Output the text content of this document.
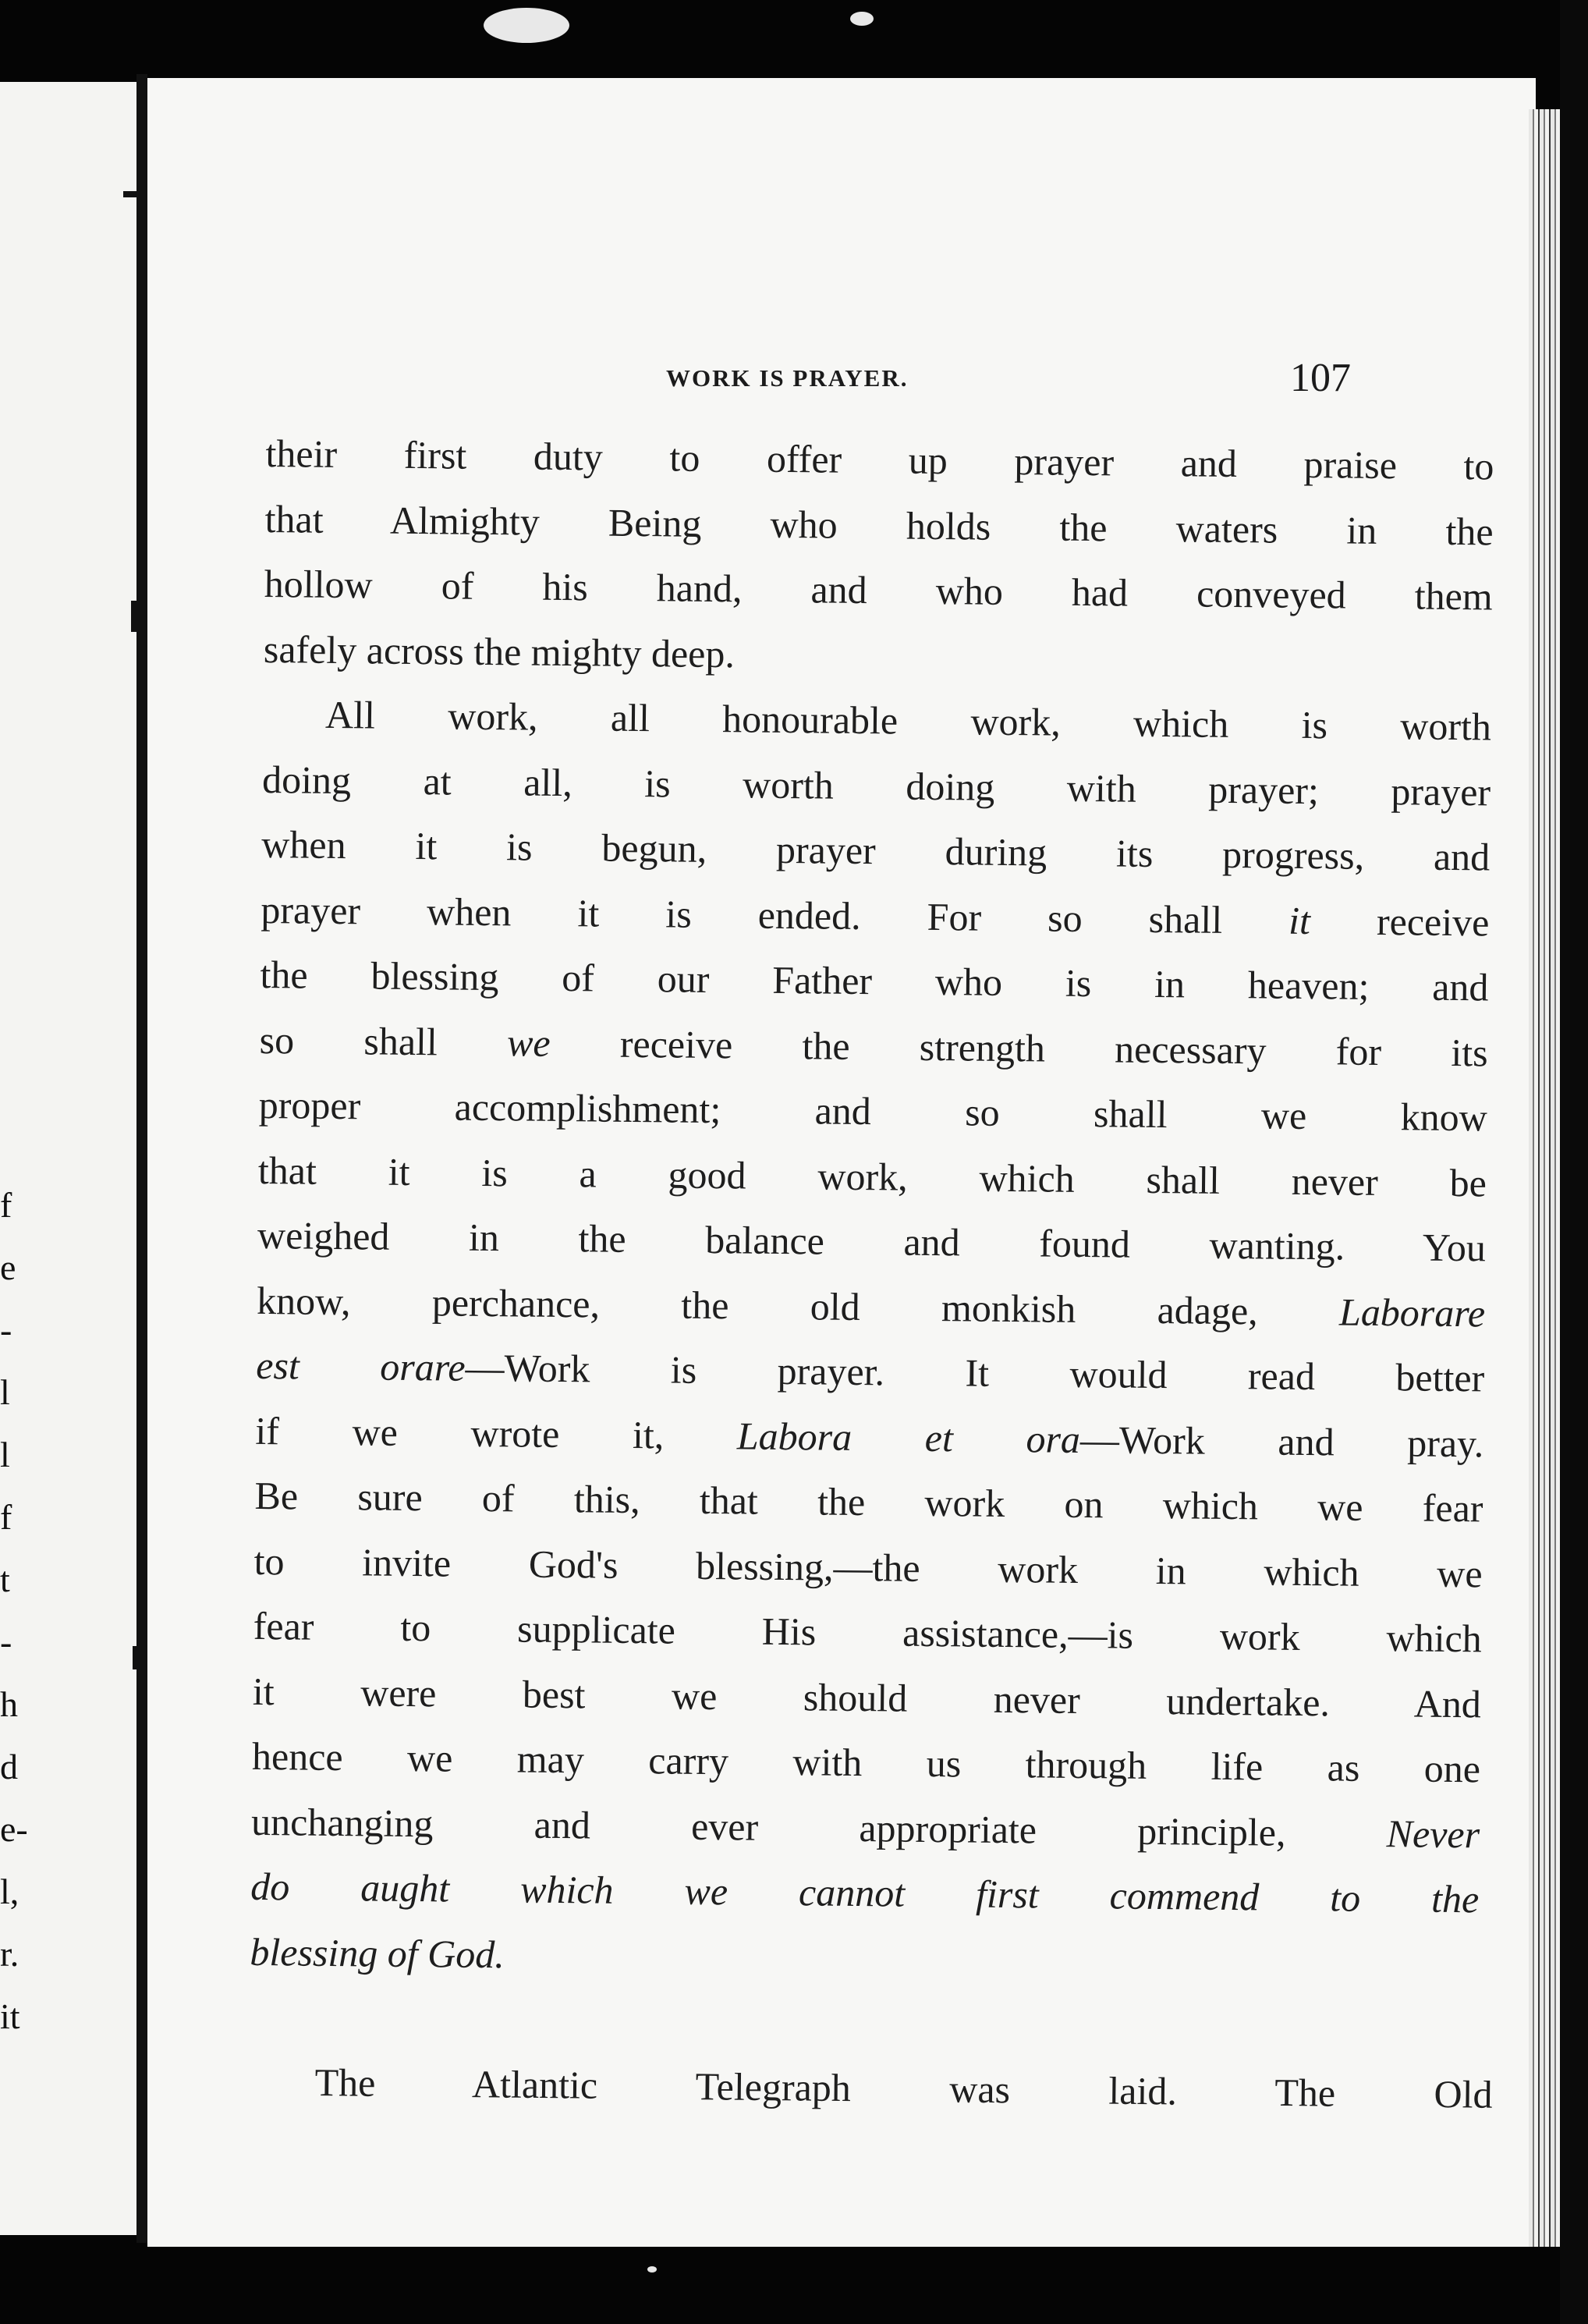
f
e
-
l
l
f
t
-
h
d
e-
l,
r.
it
WORK IS PRAYER.	107
their first duty to offer up prayer and praise to
that Almighty Being who holds the waters in the
hollow of his hand, and who had conveyed them
safely across the mighty deep.
All work, all honourable work, which is worth
doing at all, is worth doing with prayer; prayer
when it is begun, prayer during its progress, and
prayer when it is ended. For so shall it receive
the blessing of our Father who is in heaven; and
so shall we receive the strength necessary for its
proper accomplishment; and so shall we know
that it is a good work, which shall never be
weighed in the balance and found wanting. You
know, perchance, the old monkish adage, Laborare
est orare—Work is prayer. It would read better
if we wrote it, Labora et ora—Work and pray.
Be sure of this, that the work on which we fear
to invite God's blessing,—the work in which we
fear to supplicate His assistance,—is work which
it were best we should never undertake. And
hence we may carry with us through life as one
unchanging and ever appropriate principle, Never
do aught which we cannot first commend to the
blessing of God.
The Atlantic Telegraph was laid. The Old
